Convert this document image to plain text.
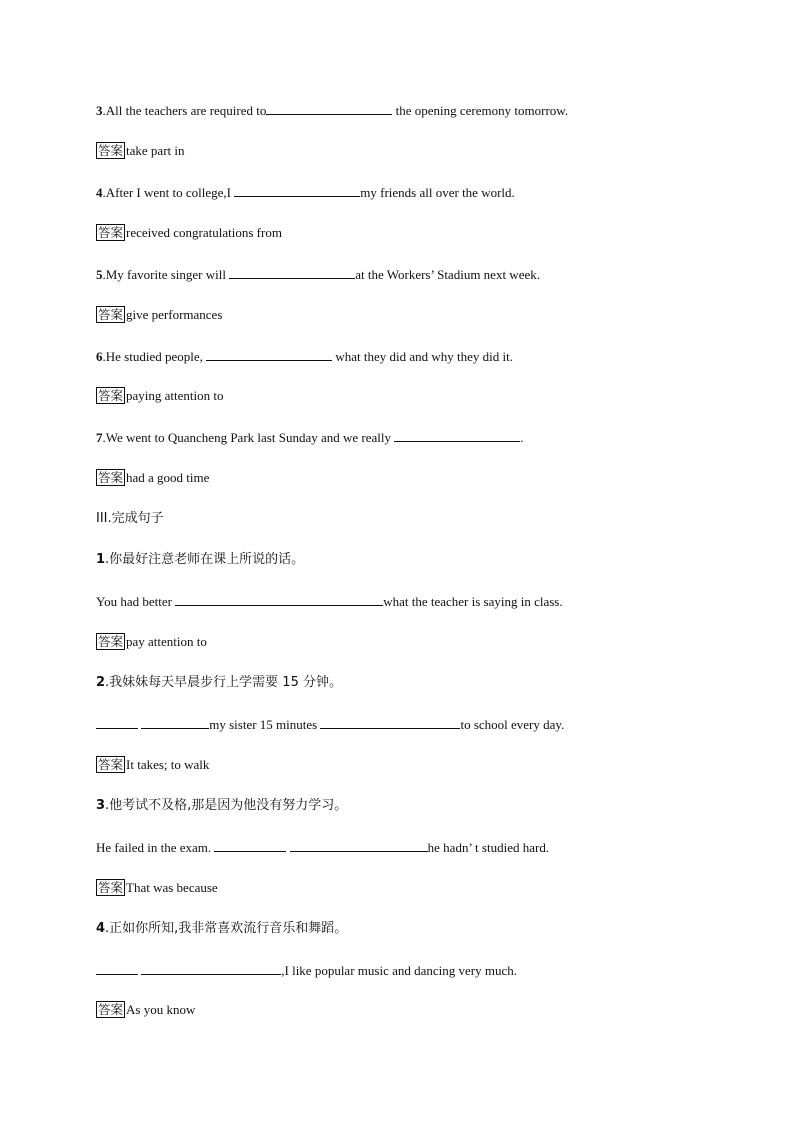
3.All the teachers are required to	the opening ceremony tomorrow.
答案 take part in
4.After I went to college,I	my friends all over the world.
答案 received congratulations from
5.My favorite singer will	at the Workers’ Stadium next week.
答案 give performances
6.He studied people,	what they did and why they did it.
答案 paying attention to
7.We went to Quancheng Park last Sunday and we really	.
答案 had a good time
III.完成句子
1.你最好注意老师在课上所说的话。
You had better	what the teacher is saying in class.
答案 pay attention to
2.我妹妹每天早晨步行上学需要 15 分钟。
my sister 15 minutes	to school every day.
答案 It takes; to walk
3.他考试不及格,那是因为他没有努力学习。
He failed in the exam.	he hadn’ t studied hard.
答案 That was because
4.正如你所知,我非常喜欢流行音乐和舞蹈。
,I like popular music and dancing very much.
答案 As you know
